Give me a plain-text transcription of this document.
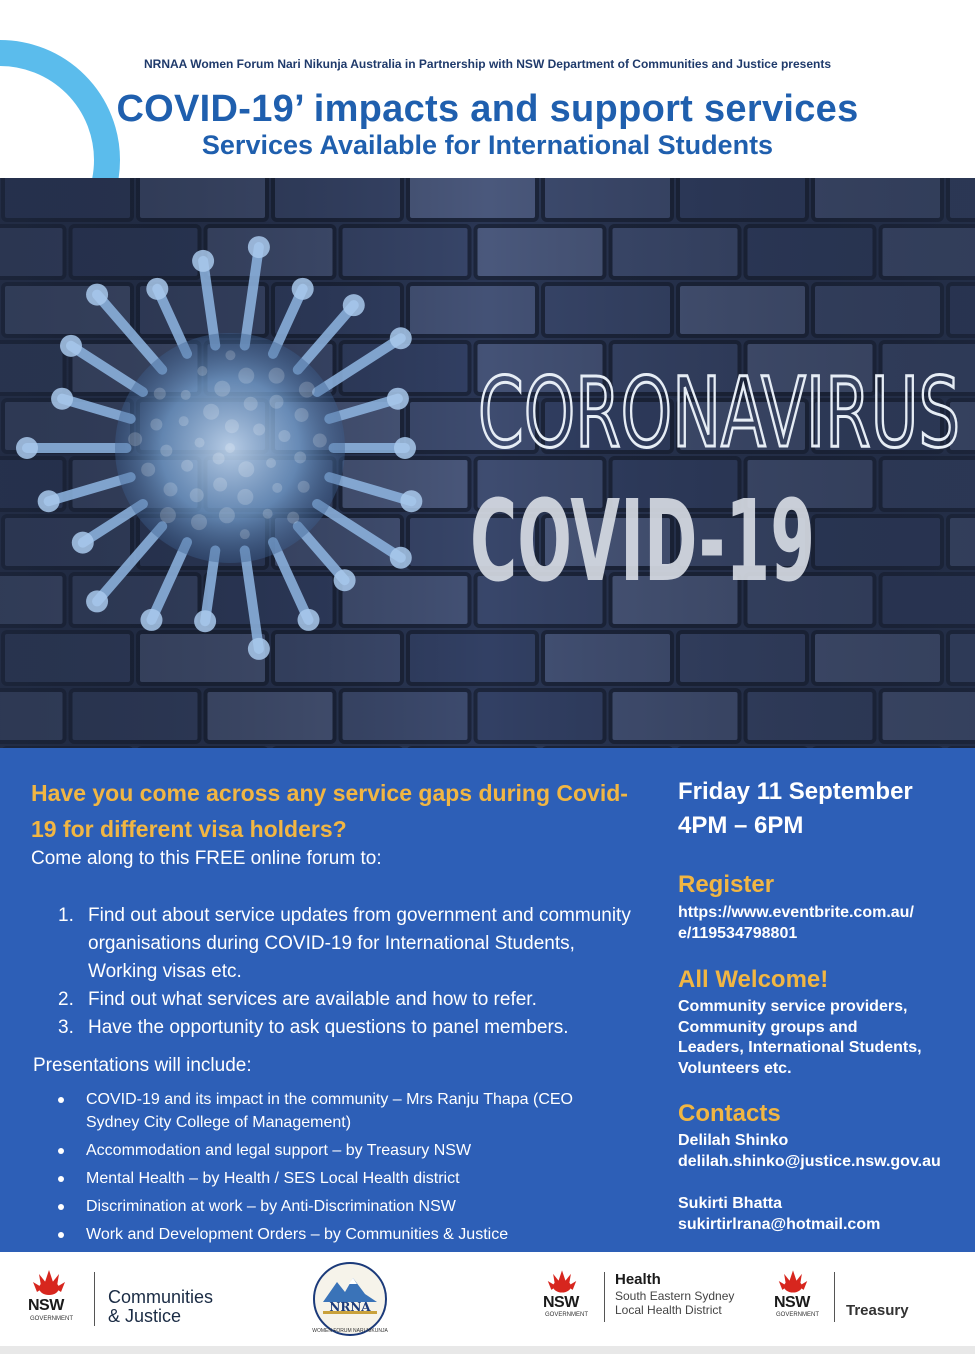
NRNAA Women Forum Nari Nikunja Australia in Partnership with NSW Department of Communities and Justice presents
COVID-19’ impacts and support services
Services Available for International Students
CORONAVIRUS
COVID-19
Have you come across any service gaps during Covid-19 for different visa holders?
Come along to this FREE online forum to:
1. Find out about service updates from government and community organisations during COVID-19 for International Students, Working visas etc.
2. Find out what services are available and how to refer.
3. Have the opportunity to ask questions to panel members.
Presentations will include:
COVID-19 and its impact in the community – Mrs Ranju Thapa (CEO Sydney City College of Management)
Accommodation and legal support – by Treasury NSW
Mental Health – by Health / SES Local Health district
Discrimination at work – by Anti-Discrimination NSW
Work and Development Orders – by Communities & Justice
Friday 11 September
4PM – 6PM
Register
https://www.eventbrite.com.au/
e/119534798801
All Welcome!
Community service providers,
Community groups and
Leaders, International Students,
Volunteers etc.
Contacts
Delilah Shinko
delilah.shinko@justice.nsw.gov.au
Sukirti Bhatta
sukirtirlrana@hotmail.com
NSW
GOVERNMENT
Communities
& Justice	NRNA
WOMEN FORUM NARI NIKUNJA
NSW
GOVERNMENT
Health
South Eastern Sydney
Local Health District	NSW
GOVERNMENT Treasury
